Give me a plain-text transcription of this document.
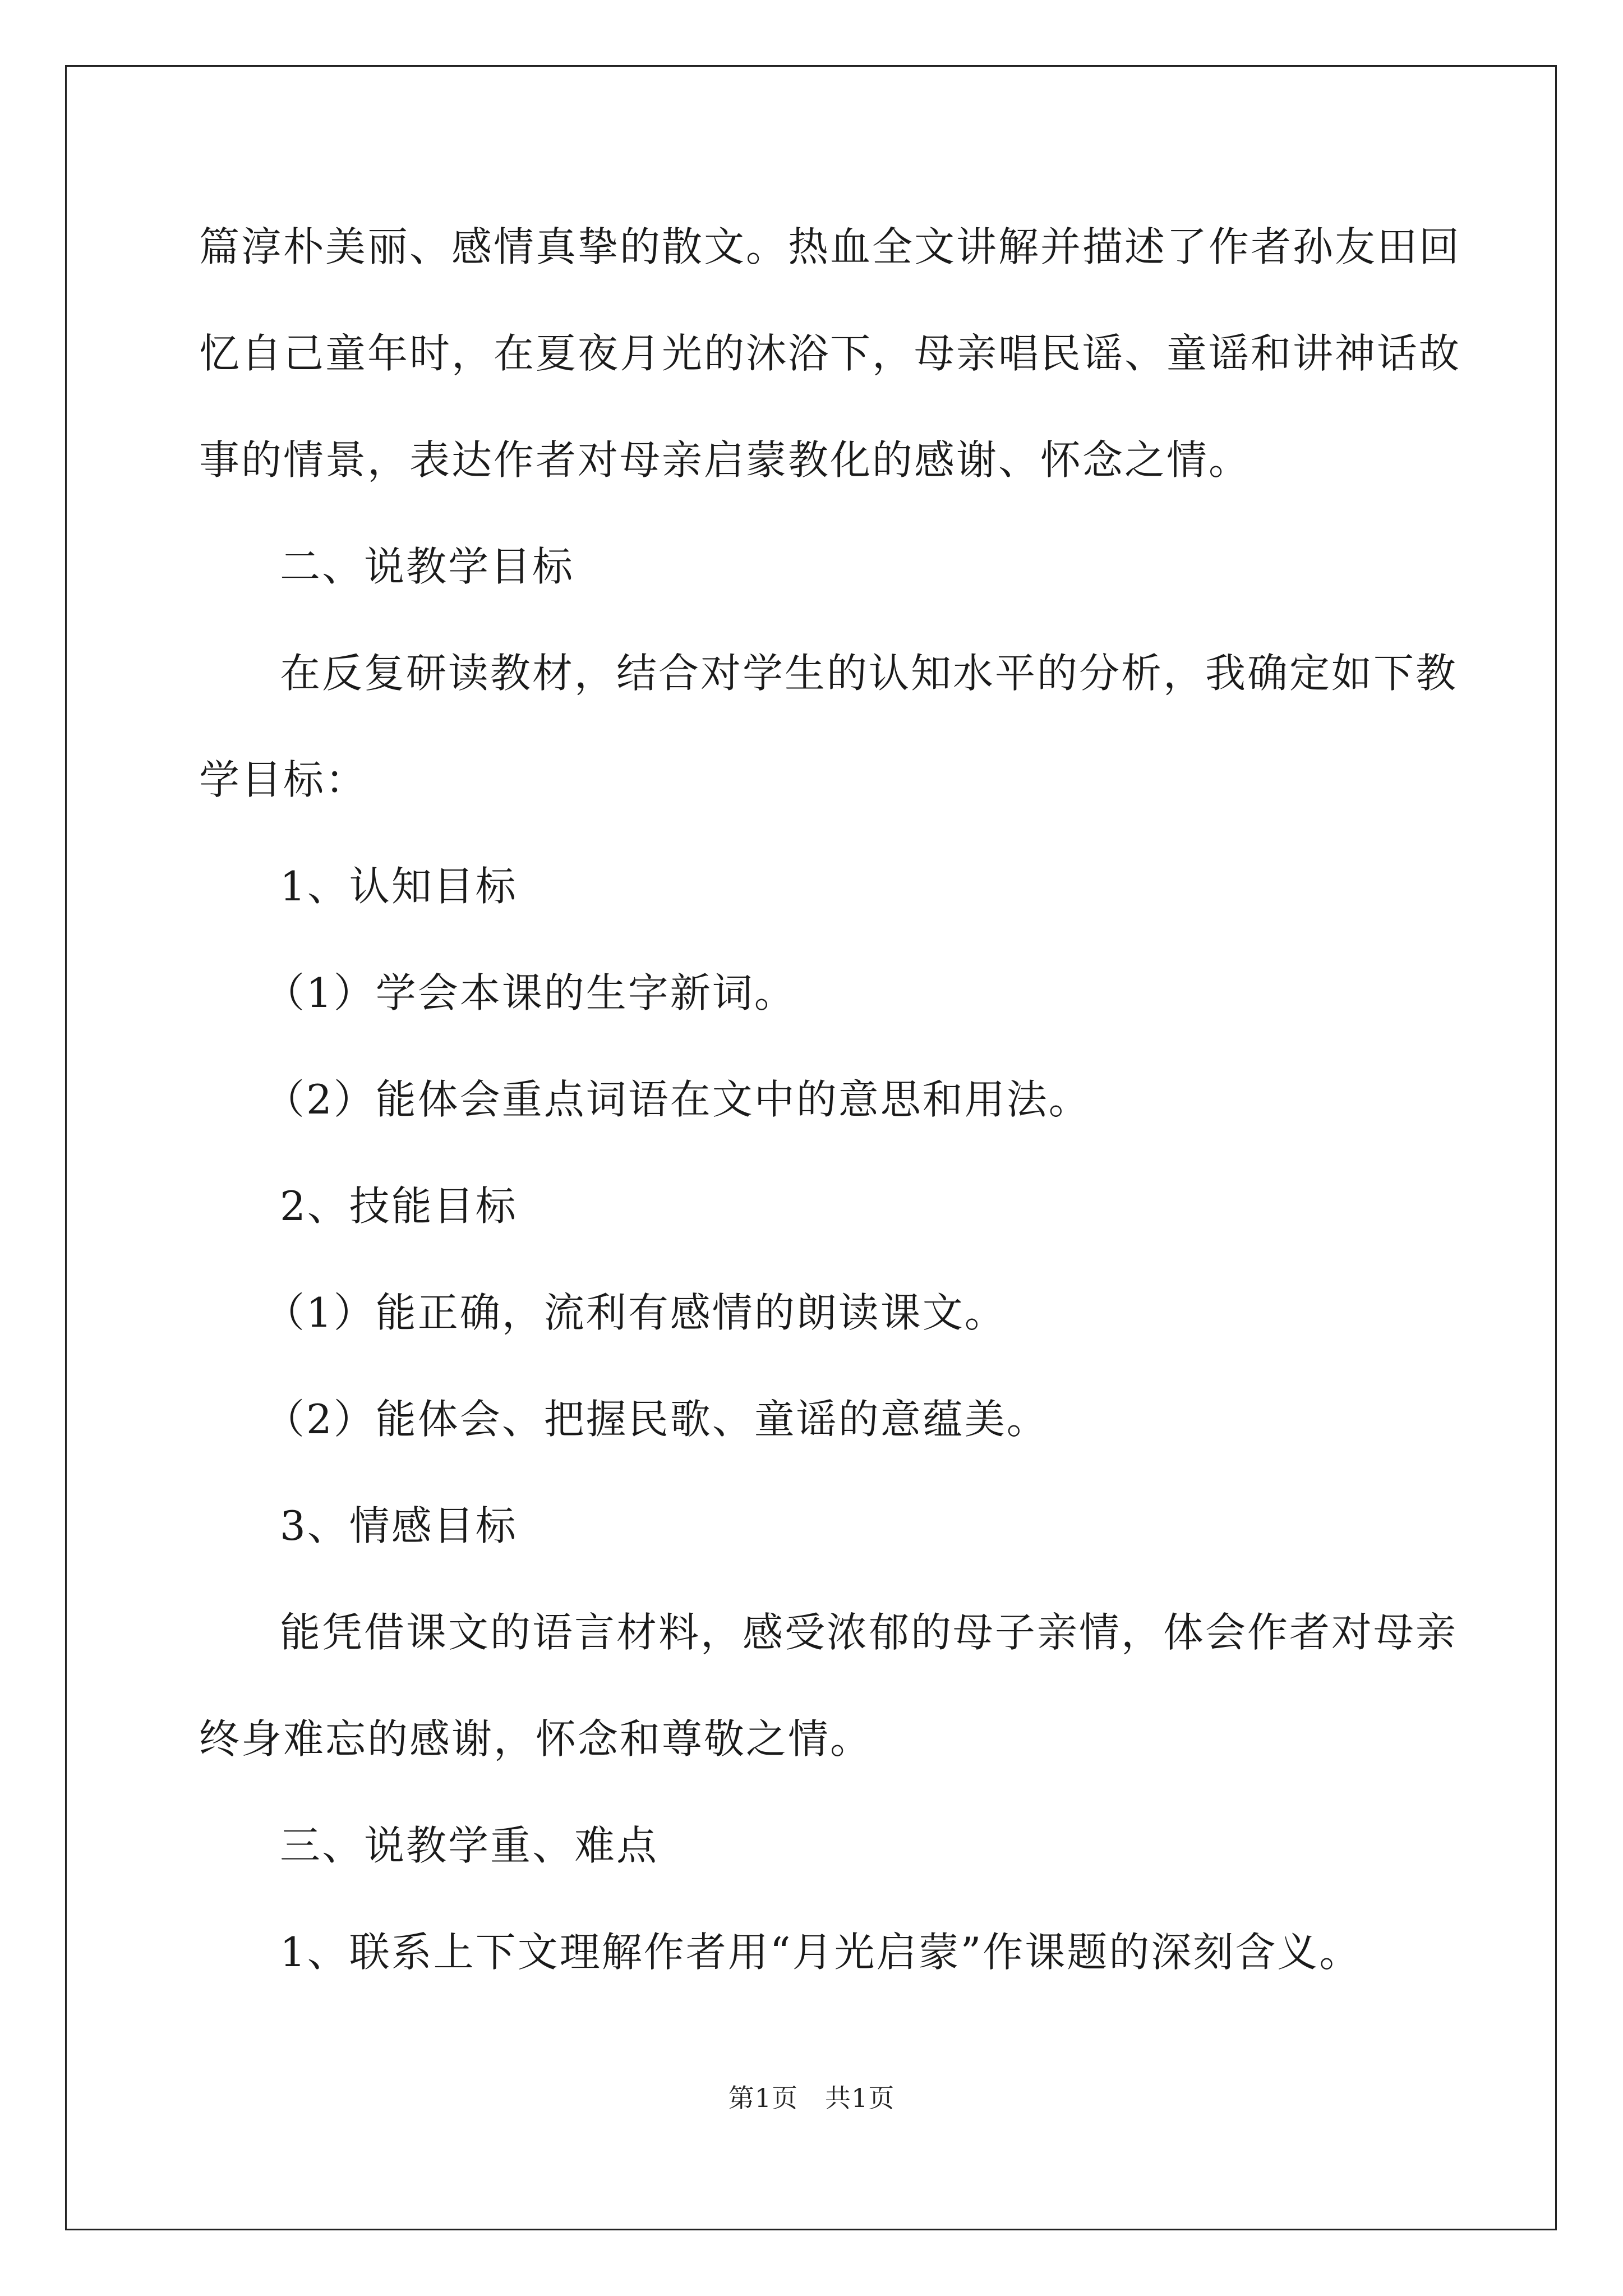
篇淳朴美丽、感情真挚的散文。热血全文讲解并描述了作者孙友田回
忆自己童年时，在夏夜月光的沐浴下，母亲唱民谣、童谣和讲神话故
事的情景，表达作者对母亲启蒙教化的感谢、怀念之情。
二、说教学目标
在反复研读教材，结合对学生的认知水平的分析，我确定如下教
学目标：
1、认知目标
（1）学会本课的生字新词。
（2）能体会重点词语在文中的意思和用法。
2、技能目标
（1）能正确，流利有感情的朗读课文。
（2）能体会、把握民歌、童谣的意蕴美。
3、情感目标
能凭借课文的语言材料，感受浓郁的母子亲情，体会作者对母亲
终身难忘的感谢，怀念和尊敬之情。
三、说教学重、难点
1、联系上下文理解作者用“月光启蒙”作课题的深刻含义。
第1页 共1页
